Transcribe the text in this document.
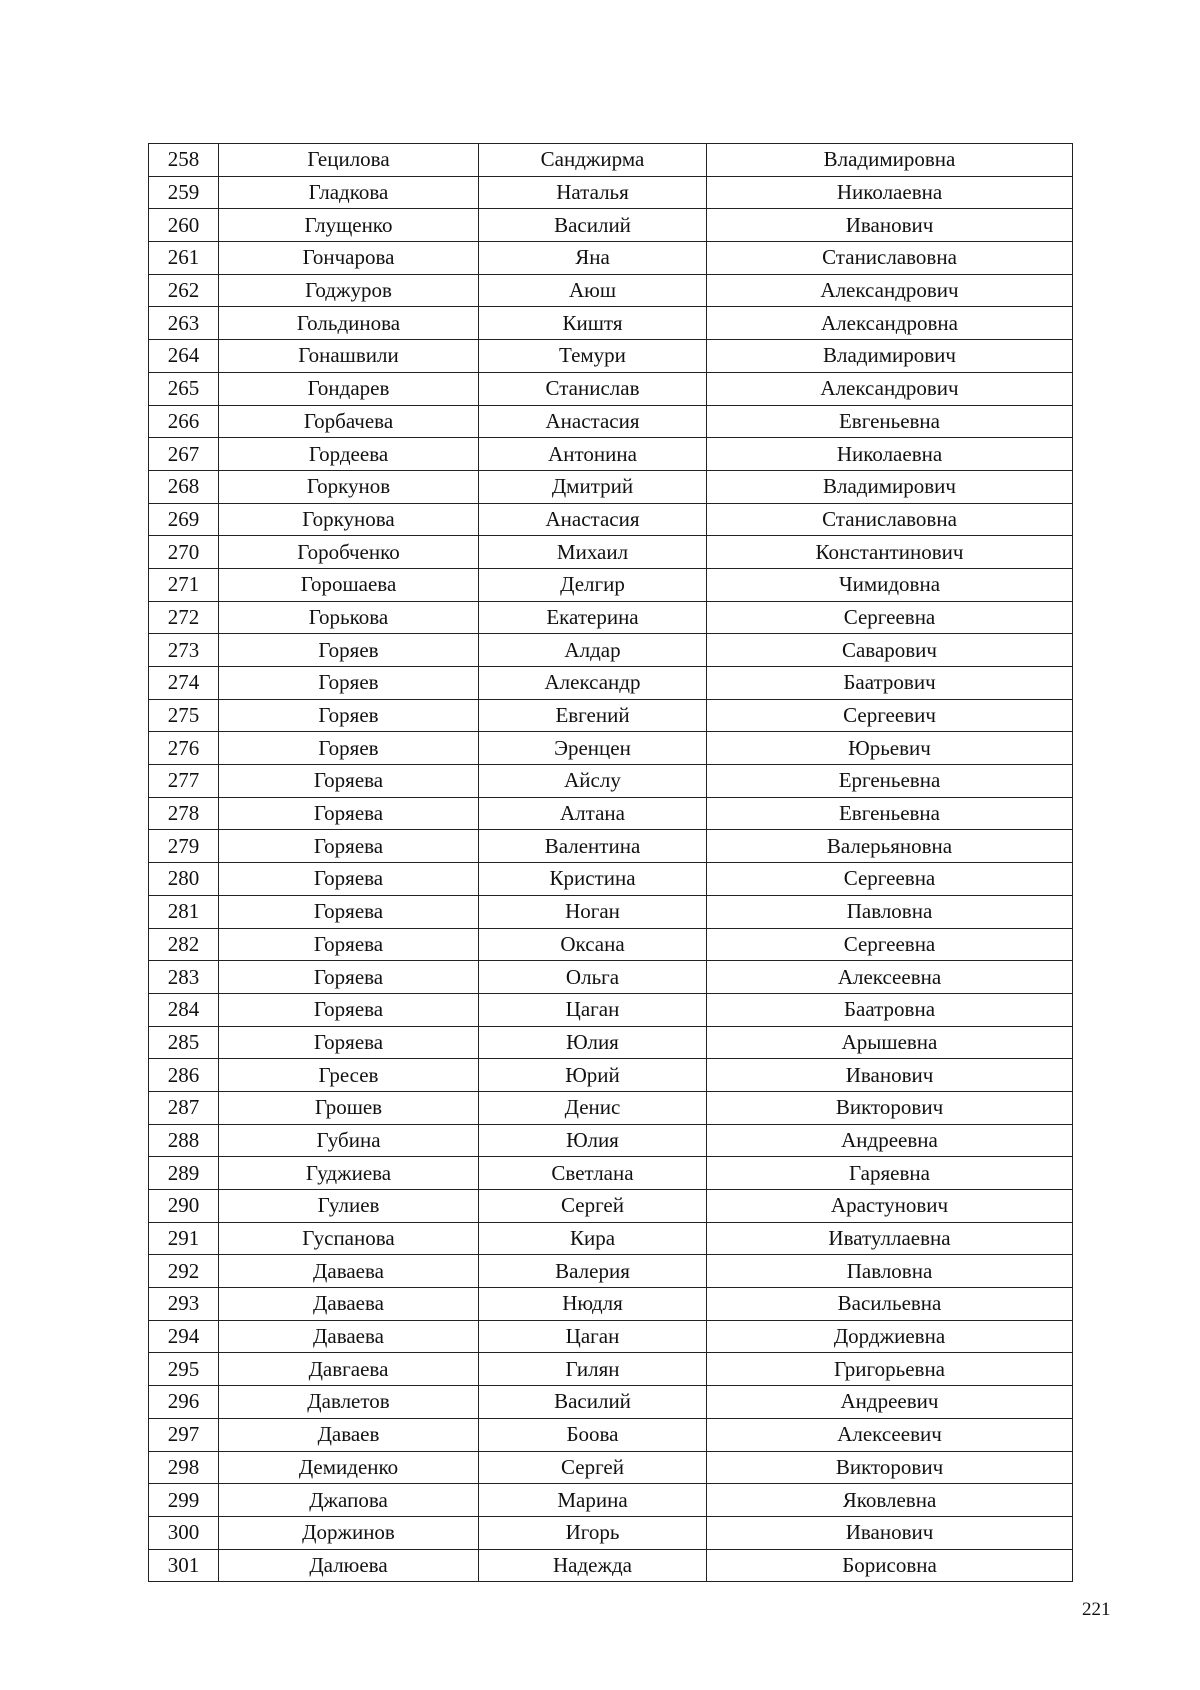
258	Гецилова	Санджирма	Владимировна
259	Гладкова	Наталья	Николаевна
260	Глущенко	Василий	Иванович
261	Гончарова	Яна	Станиславовна
262	Годжуров	Аюш	Александрович
263	Гольдинова	Киштя	Александровна
264	Гонашвили	Темури	Владимирович
265	Гондарев	Станислав	Александрович
266	Горбачева	Анастасия	Евгеньевна
267	Гордеева	Антонина	Николаевна
268	Горкунов	Дмитрий	Владимирович
269	Горкунова	Анастасия	Станиславовна
270	Горобченко	Михаил	Константинович
271	Горошаева	Делгир	Чимидовна
272	Горькова	Екатерина	Сергеевна
273	Горяев	Алдар	Саварович
274	Горяев	Александр	Баатрович
275	Горяев	Евгений	Сергеевич
276	Горяев	Эренцен	Юрьевич
277	Горяева	Айслу	Ергеньевна
278	Горяева	Алтана	Евгеньевна
279	Горяева	Валентина	Валерьяновна
280	Горяева	Кристина	Сергеевна
281	Горяева	Ноган	Павловна
282	Горяева	Оксана	Сергеевна
283	Горяева	Ольга	Алексеевна
284	Горяева	Цаган	Баатровна
285	Горяева	Юлия	Арышевна
286	Гресев	Юрий	Иванович
287	Грошев	Денис	Викторович
288	Губина	Юлия	Андреевна
289	Гуджиева	Светлана	Гаряевна
290	Гулиев	Сергей	Арастунович
291	Гуспанова	Кира	Иватуллаевна
292	Даваева	Валерия	Павловна
293	Даваева	Нюдля	Васильевна
294	Даваева	Цаган	Дорджиевна
295	Давгаева	Гилян	Григорьевна
296	Давлетов	Василий	Андреевич
297	Даваев	Боова	Алексеевич
298	Демиденко	Сергей	Викторович
299	Джапова	Марина	Яковлевна
300	Доржинов	Игорь	Иванович
301	Далюева	Надежда	Борисовна
221
